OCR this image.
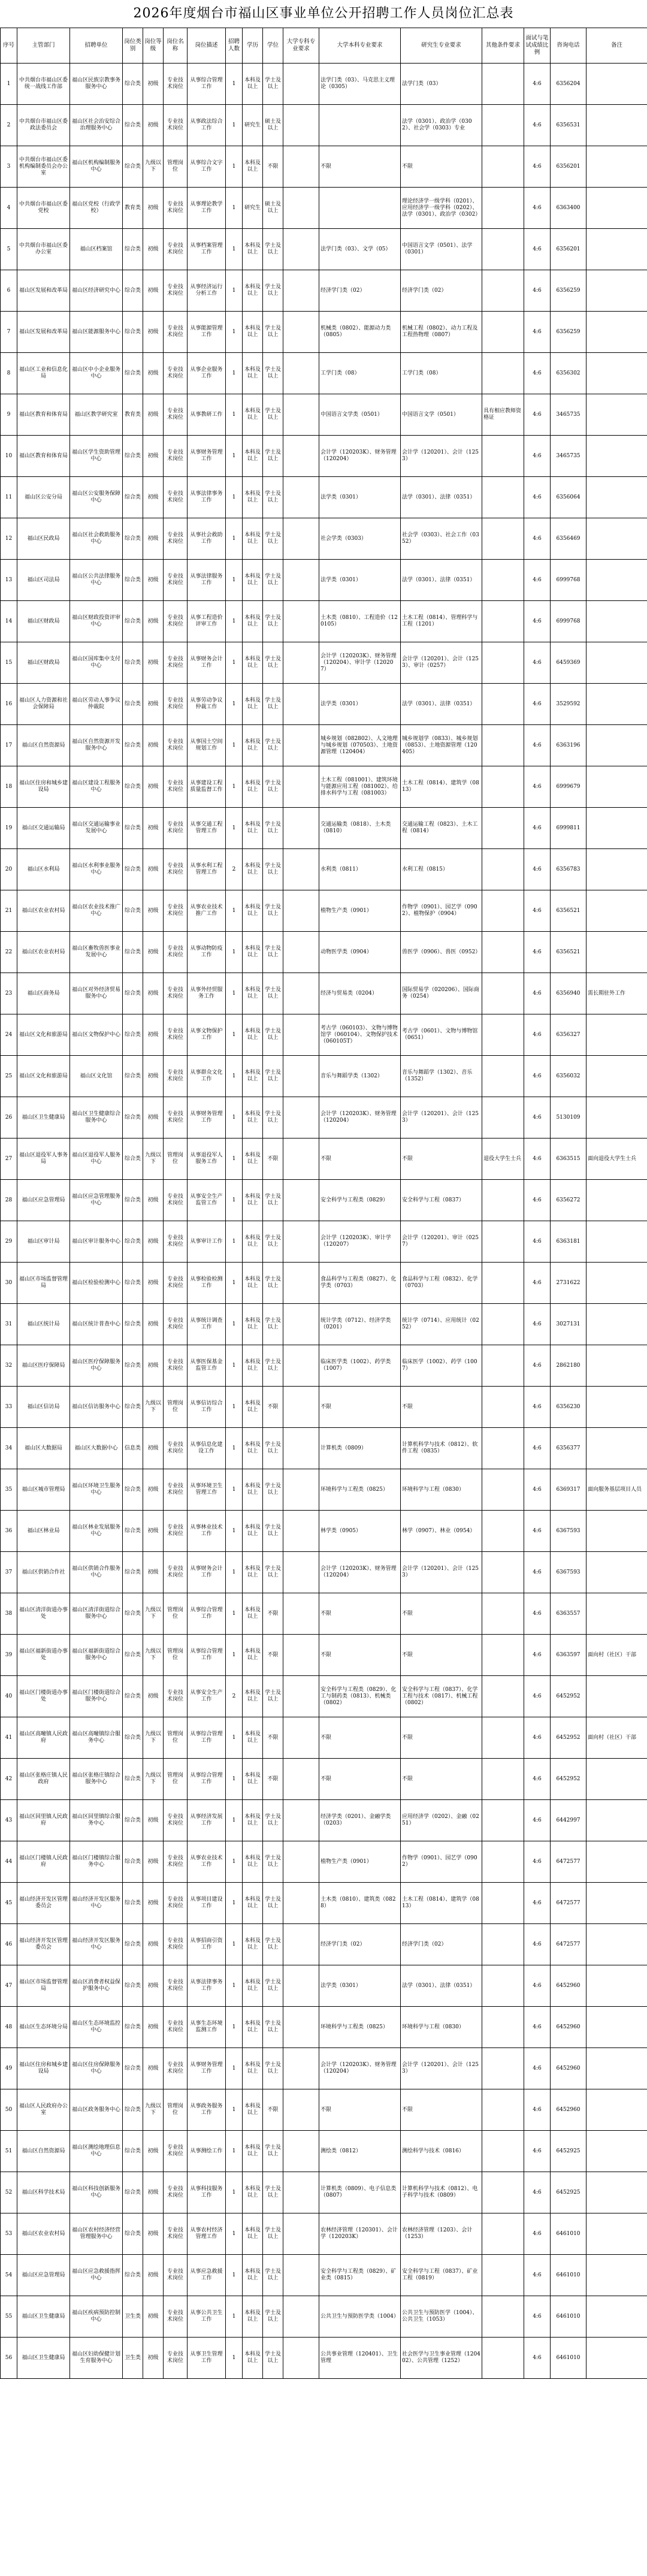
2026年度烟台市福山区事业单位公开招聘工作人员岗位汇总表
序号	主管部门	招聘单位	岗位类别	岗位等级	岗位名称	岗位描述	招聘人数	学历	学位	大学专科专业要求	大学本科专业要求	研究生专业要求	其他条件要求	面试与笔试成绩比例	咨询电话	备注
1	中共烟台市福山区委统一战线工作部	福山区民族宗教事务服务中心	综合类	初级	专业技术岗位	从事综合管理工作	1	本科及以上	学士及以上		法学门类（03）、马克思主义理论（0305）	法学门类（03）		4:6	6356204	
2	中共烟台市福山区委政法委员会	福山区社会治安综合治理服务中心	综合类	初级	专业技术岗位	从事政法综合工作	1	研究生	硕士及以上			法学（0301）、政治学（0302）、社会学（0303）专业		4:6	6356531	
3	中共烟台市福山区委机构编制委员会办公室	福山区机构编制服务中心	综合类	九级以下	管理岗位	从事综合文字工作	1	本科及以上	不限		不限	不限		4:6	6356201	
4	中共烟台市福山区委党校	福山区党校（行政学校）	教育类	初级	专业技术岗位	从事理论教学工作	1	研究生	硕士及以上			理论经济学一级学科（0201）、应用经济学一级学科（0202）、法学（0301）、政治学（0302）		4:6	6363400	
5	中共烟台市福山区委办公室	福山区档案馆	综合类	初级	专业技术岗位	从事档案管理工作	1	本科及以上	学士及以上		法学门类（03）、文学（05）	中国语言文学（0501）、法学（0301）		4:6	6356201	
6	福山区发展和改革局	福山区经济研究中心	综合类	初级	专业技术岗位	从事经济运行分析工作	1	本科及以上	学士及以上		经济学门类（02）	经济学门类（02）		4:6	6356259	
7	福山区发展和改革局	福山区能源服务中心	综合类	初级	专业技术岗位	从事能源管理工作	1	本科及以上	学士及以上		机械类（0802）、能源动力类（0805）	机械工程（0802）、动力工程及工程热物理（0807）		4:6	6356259	
8	福山区工业和信息化局	福山区中小企业服务中心	综合类	初级	专业技术岗位	从事企业服务工作	1	本科及以上	学士及以上		工学门类（08）	工学门类（08）		4:6	6356302	
9	福山区教育和体育局	福山区教学研究室	教育类	初级	专业技术岗位	从事教研工作	1	本科及以上	学士及以上		中国语言文学类（0501）	中国语言文学（0501）	具有相应教师资格证	4:6	3465735	
10	福山区教育和体育局	福山区学生资助管理中心	综合类	初级	专业技术岗位	从事财务管理工作	1	本科及以上	学士及以上		会计学（120203K）、财务管理（120204）	会计学（120201）、会计（1253）		4:6	3465735	
11	福山区公安分局	福山区公安服务保障中心	综合类	初级	专业技术岗位	从事法律事务工作	1	本科及以上	学士及以上		法学类（0301）	法学（0301）、法律（0351）		4:6	6356064	
12	福山区民政局	福山区社会救助服务中心	综合类	初级	专业技术岗位	从事社会救助工作	1	本科及以上	学士及以上		社会学类（0303）	社会学（0303）、社会工作（0352）		4:6	6356469	
13	福山区司法局	福山区公共法律服务中心	综合类	初级	专业技术岗位	从事法律服务工作	1	本科及以上	学士及以上		法学类（0301）	法学（0301）、法律（0351）		4:6	6999768	
14	福山区财政局	福山区财政投资评审中心	综合类	初级	专业技术岗位	从事工程造价评审工作	1	本科及以上	学士及以上		土木类（0810）、工程造价（120105）	土木工程（0814）、管理科学与工程（1201）		4:6	6999768	
15	福山区财政局	福山区国库集中支付中心	综合类	初级	专业技术岗位	从事财务会计工作	1	本科及以上	学士及以上		会计学（120203K）、财务管理（120204）、审计学（120207）	会计学（120201）、会计（1253）、审计（0257）		4:6	6459369	
16	福山区人力资源和社会保障局	福山区劳动人事争议仲裁院	综合类	初级	专业技术岗位	从事劳动争议仲裁工作	1	本科及以上	学士及以上		法学类（0301）	法学（0301）、法律（0351）		4:6	3529592	
17	福山区自然资源局	福山区自然资源开发服务中心	综合类	初级	专业技术岗位	从事国土空间规划工作	1	本科及以上	学士及以上		城乡规划（082802）、人文地理与城乡规划（070503）、土地资源管理（120404）	城乡规划学（0833）、城乡规划（0853）、土地资源管理（120405）		4:6	6363196	
18	福山区住房和城乡建设局	福山区建设工程服务中心	综合类	初级	专业技术岗位	从事建设工程质量监督工作	1	本科及以上	学士及以上		土木工程（081001）、建筑环境与能源应用工程（081002）、给排水科学与工程（081003）	土木工程（0814）、建筑学（0813）		4:6	6999679	
19	福山区交通运输局	福山区交通运输事业发展中心	综合类	初级	专业技术岗位	从事交通工程管理工作	1	本科及以上	学士及以上		交通运输类（0818）、土木类（0810）	交通运输工程（0823）、土木工程（0814）		4:6	6999811	
20	福山区水利局	福山区水利事业服务中心	综合类	初级	专业技术岗位	从事水利工程管理工作	2	本科及以上	学士及以上		水利类（0811）	水利工程（0815）		4:6	6356783	
21	福山区农业农村局	福山区农业技术推广中心	综合类	初级	专业技术岗位	从事农业技术推广工作	1	本科及以上	学士及以上		植物生产类（0901）	作物学（0901）、园艺学（0902）、植物保护（0904）		4:6	6356521	
22	福山区农业农村局	福山区畜牧兽医事业发展中心	综合类	初级	专业技术岗位	从事动物防疫工作	1	本科及以上	学士及以上		动物医学类（0904）	兽医学（0906）、兽医（0952）		4:6	6356521	
23	福山区商务局	福山区对外经济贸易服务中心	综合类	初级	专业技术岗位	从事外经贸服务工作	1	本科及以上	学士及以上		经济与贸易类（0204）	国际贸易学（020206）、国际商务（0254）		4:6	6356940	需长期驻外工作
24	福山区文化和旅游局	福山区文物保护中心	综合类	初级	专业技术岗位	从事文物保护工作	1	本科及以上	学士及以上		考古学（060103）、文物与博物馆学（060104）、文物保护技术（060105T）	考古学（0601）、文物与博物馆（0651）		4:6	6356327	
25	福山区文化和旅游局	福山区文化馆	综合类	初级	专业技术岗位	从事群众文化工作	1	本科及以上	学士及以上		音乐与舞蹈学类（1302）	音乐与舞蹈学（1302）、音乐（1352）		4:6	6356032	
26	福山区卫生健康局	福山区卫生健康综合服务中心	综合类	初级	专业技术岗位	从事财务管理工作	1	本科及以上	学士及以上		会计学（120203K）、财务管理（120204）	会计学（120201）、会计（1253）		4:6	5130109	
27	福山区退役军人事务局	福山区退役军人服务中心	综合类	九级以下	管理岗位	从事退役军人服务工作	1	本科及以上	不限		不限	不限	退役大学生士兵	4:6	6363515	面向退役大学生士兵
28	福山区应急管理局	福山区应急管理服务中心	综合类	初级	专业技术岗位	从事安全生产监管工作	1	本科及以上	学士及以上		安全科学与工程类（0829）	安全科学与工程（0837）		4:6	6356272	
29	福山区审计局	福山区审计服务中心	综合类	初级	专业技术岗位	从事审计工作	1	本科及以上	学士及以上		会计学（120203K）、审计学（120207）	会计学（120201）、审计（0257）		4:6	6363181	
30	福山区市场监督管理局	福山区检验检测中心	综合类	初级	专业技术岗位	从事检验检测工作	1	本科及以上	学士及以上		食品科学与工程类（0827）、化学类（0703）	食品科学与工程（0832）、化学（0703）		4:6	2731622	
31	福山区统计局	福山区统计普查中心	综合类	初级	专业技术岗位	从事统计调查工作	1	本科及以上	学士及以上		统计学类（0712）、经济学类（0201）	统计学（0714）、应用统计（0252）		4:6	3027131	
32	福山区医疗保障局	福山区医疗保障服务中心	综合类	初级	专业技术岗位	从事医保基金监管工作	1	本科及以上	学士及以上		临床医学类（1002）、药学类（1007）	临床医学（1002）、药学（1007）		4:6	2862180	
33	福山区信访局	福山区信访服务中心	综合类	九级以下	管理岗位	从事信访综合工作	1	本科及以上	不限		不限	不限		4:6	6356230	
34	福山区大数据局	福山区大数据中心	信息类	初级	专业技术岗位	从事信息化建设工作	1	本科及以上	学士及以上		计算机类（0809）	计算机科学与技术（0812）、软件工程（0835）		4:6	6356377	
35	福山区城市管理局	福山区环境卫生服务中心	综合类	初级	专业技术岗位	从事环境卫生管理工作	1	本科及以上	学士及以上		环境科学与工程类（0825）	环境科学与工程（0830）		4:6	6369317	面向服务基层项目人员
36	福山区林业局	福山区林业发展服务中心	综合类	初级	专业技术岗位	从事林业技术工作	1	本科及以上	学士及以上		林学类（0905）	林学（0907）、林业（0954）		4:6	6367593	
37	福山区供销合作社	福山区供销合作服务中心	综合类	初级	专业技术岗位	从事财务会计工作	1	本科及以上	学士及以上		会计学（120203K）、财务管理（120204）	会计学（120201）、会计（1253）		4:6	6367593	
38	福山区清洋街道办事处	福山区清洋街道综合服务中心	综合类	九级以下	管理岗位	从事综合管理工作	1	本科及以上	不限		不限	不限		4:6	6363557	
39	福山区福新街道办事处	福山区福新街道综合服务中心	综合类	九级以下	管理岗位	从事综合管理工作	1	本科及以上	不限		不限	不限		4:6	6363597	面向村（社区）干部
40	福山区门楼街道办事处	福山区门楼街道综合服务中心	综合类	初级	专业技术岗位	从事安全生产工作	2	本科及以上	学士及以上		安全科学与工程类（0829）、化工与制药类（0813）、机械类（0802）	安全科学与工程（0837）、化学工程与技术（0817）、机械工程（0802）		4:6	6452952	
41	福山区高疃镇人民政府	福山区高疃镇综合服务中心	综合类	九级以下	管理岗位	从事综合管理工作	1	本科及以上	不限		不限	不限		4:6	6452952	面向村（社区）干部
42	福山区张格庄镇人民政府	福山区张格庄镇综合服务中心	综合类	九级以下	管理岗位	从事综合管理工作	1	本科及以上	不限		不限	不限		4:6	6452952	
43	福山区回里镇人民政府	福山区回里镇综合服务中心	综合类	初级	专业技术岗位	从事经济发展工作	1	本科及以上	学士及以上		经济学类（0201）、金融学类（0203）	应用经济学（0202）、金融（0251）		4:6	6442997	
44	福山区门楼镇人民政府	福山区门楼镇综合服务中心	综合类	初级	专业技术岗位	从事农业技术工作	1	本科及以上	学士及以上		植物生产类（0901）	作物学（0901）、园艺学（0902）		4:6	6472577	
45	福山经济开发区管理委员会	福山经济开发区服务中心	综合类	初级	专业技术岗位	从事项目建设工作	1	本科及以上	学士及以上		土木类（0810）、建筑类（0828）	土木工程（0814）、建筑学（0813）		4:6	6472577	
46	福山经济开发区管理委员会	福山经济开发区服务中心	综合类	初级	专业技术岗位	从事招商引资工作	1	本科及以上	学士及以上		经济学门类（02）	经济学门类（02）		4:6	6472577	
47	福山区市场监督管理局	福山区消费者权益保护服务中心	综合类	初级	专业技术岗位	从事法律事务工作	1	本科及以上	学士及以上		法学类（0301）	法学（0301）、法律（0351）		4:6	6452960	
48	福山区生态环境分局	福山区生态环境监控中心	综合类	初级	专业技术岗位	从事生态环境监测工作	1	本科及以上	学士及以上		环境科学与工程类（0825）	环境科学与工程（0830）		4:6	6452960	
49	福山区住房和城乡建设局	福山区住房保障服务中心	综合类	初级	专业技术岗位	从事财务管理工作	1	本科及以上	学士及以上		会计学（120203K）、财务管理（120204）	会计学（120201）、会计（1253）		4:6	6452960	
50	福山区人民政府办公室	福山区政务服务中心	综合类	九级以下	管理岗位	从事政务服务工作	1	本科及以上	不限		不限	不限		4:6	6452960	
51	福山区自然资源局	福山区测绘地理信息中心	综合类	初级	专业技术岗位	从事测绘工作	1	本科及以上	学士及以上		测绘类（0812）	测绘科学与技术（0816）		4:6	6452925	
52	福山区科学技术局	福山区科技创新服务中心	综合类	初级	专业技术岗位	从事科技服务工作	1	本科及以上	学士及以上		计算机类（0809）、电子信息类（0807）	计算机科学与技术（0812）、电子科学与技术（0809）		4:6	6452925	
53	福山区农业农村局	福山区农村经济经营管理服务中心	综合类	初级	专业技术岗位	从事农村经济管理工作	1	本科及以上	学士及以上		农林经济管理（120301）、会计学（120203K）	农林经济管理（1203）、会计（1253）		4:6	6461010	
54	福山区应急管理局	福山区应急救援指挥中心	综合类	初级	专业技术岗位	从事应急救援工作	1	本科及以上	学士及以上		安全科学与工程类（0829）、矿业类（0815）	安全科学与工程（0837）、矿业工程（0819）		4:6	6461010	
55	福山区卫生健康局	福山区疾病预防控制中心	卫生类	初级	专业技术岗位	从事公共卫生工作	1	本科及以上	学士及以上		公共卫生与预防医学类（1004）	公共卫生与预防医学（1004）、公共卫生（1053）		4:6	6461010	
56	福山区卫生健康局	福山区妇幼保健计划生育服务中心	卫生类	初级	专业技术岗位	从事卫生管理工作	1	本科及以上	学士及以上		公共事业管理（120401）、卫生管理	社会医学与卫生事业管理（120402）、公共管理（1252）		4:6	6461010	
